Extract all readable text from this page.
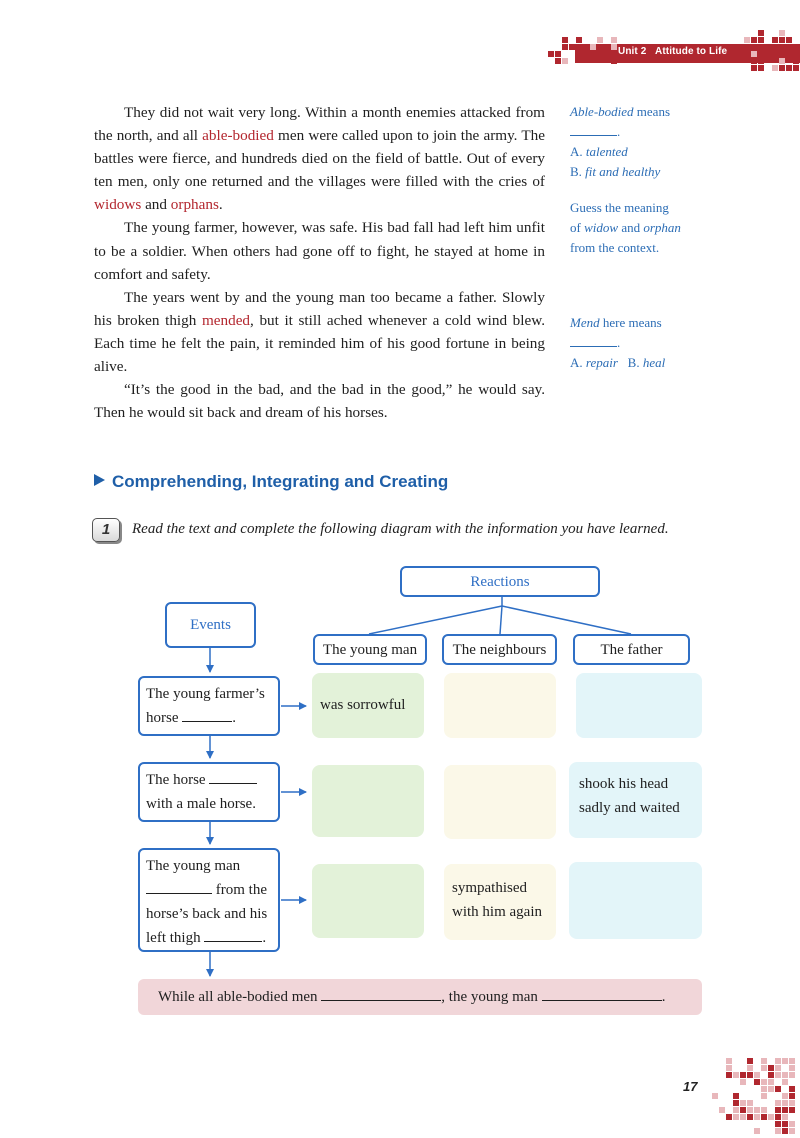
Unit 2 Attitude to Life

They did not wait very long. Within a month enemies attacked from the north, and all able-bodied men were called upon to join the army. The battles were fierce, and hundreds died on the field of battle. Out of every ten men, only one returned and the villages were filled with the cries of widows and orphans.

The young farmer, however, was safe. His bad fall had left him unfit to be a soldier. When others had gone off to fight, he stayed at home in comfort and safety.

The years went by and the young man too became a father. Slowly his broken thigh mended, but it still ached whenever a cold wind blew. Each time he felt the pain, it reminded him of his good fortune in being alive.

“It’s the good in the bad, and the bad in the good,” he would say. Then he would sit back and dream of his horses.

Able-bodied means
.
A. talented
B. fit and healthy
Guess the meaning
of widow and orphan
from the context.
Mend here means
.
A. repair B. heal
Comprehending, Integrating and Creating
1	Read the text and complete the following diagram with the information you have learned.
Reactions
Events
The young man	The neighbours	The father
The young farmer’s
horse	.
The horse
with a male horse.
The young man
from the
horse’s back and his
left thigh	.
was sorrowful
shook his head
sadly and waited
sympathised
with him again
While all able-bodied men	, the young man	.
17
